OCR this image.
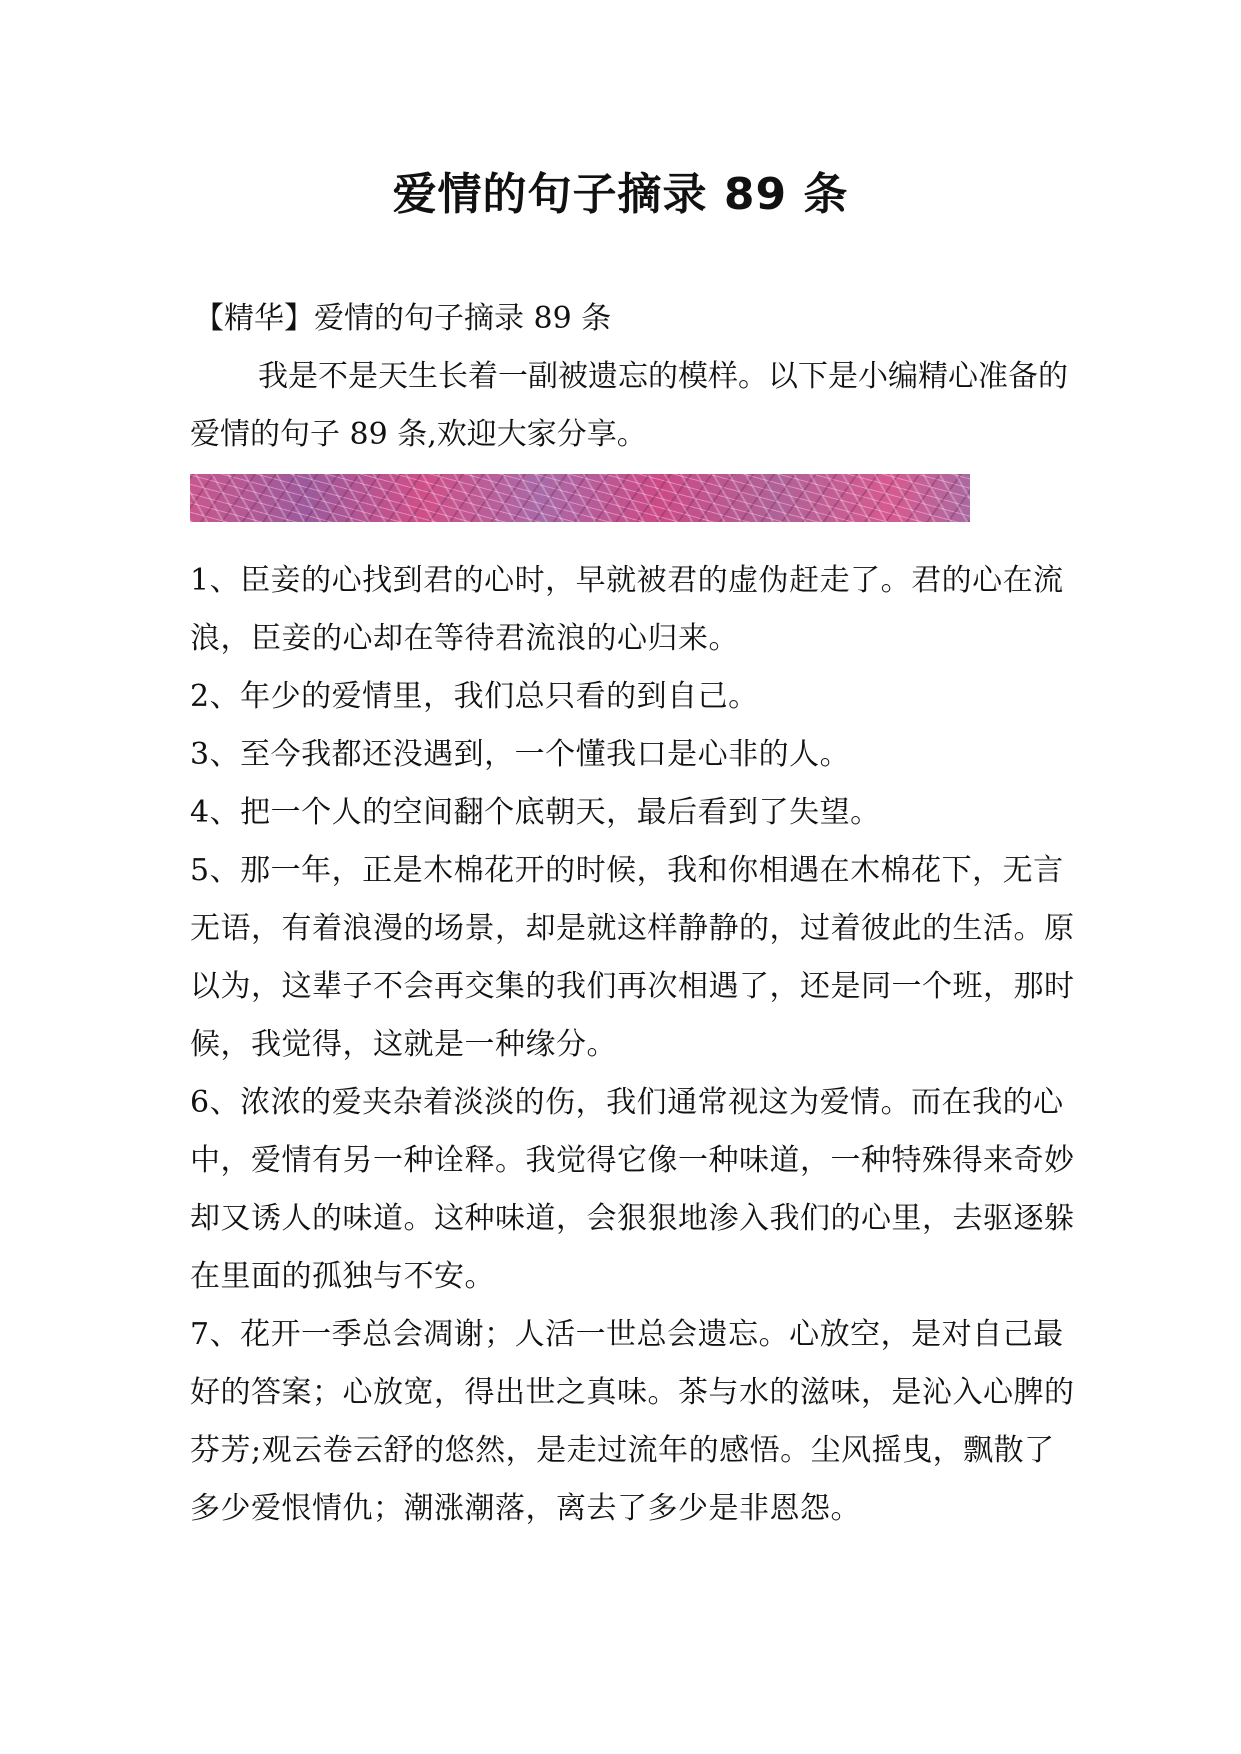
爱情的句子摘录 89 条

【精华】爱情的句子摘录 89 条

我是不是天生长着一副被遗忘的模样。以下是小编精心准备的爱情的句子 89 条,欢迎大家分享。

1、臣妾的心找到君的心时，早就被君的虚伪赶走了。君的心在流浪，臣妾的心却在等待君流浪的心归来。

2、年少的爱情里，我们总只看的到自己。

3、至今我都还没遇到，一个懂我口是心非的人。

4、把一个人的空间翻个底朝天，最后看到了失望。

5、那一年，正是木棉花开的时候，我和你相遇在木棉花下，无言无语，有着浪漫的场景，却是就这样静静的，过着彼此的生活。原以为，这辈子不会再交集的我们再次相遇了，还是同一个班，那时候，我觉得，这就是一种缘分。

6、浓浓的爱夹杂着淡淡的伤，我们通常视这为爱情。而在我的心中，爱情有另一种诠释。我觉得它像一种味道，一种特殊得来奇妙却又诱人的味道。这种味道，会狠狠地渗入我们的心里，去驱逐躲在里面的孤独与不安。

7、花开一季总会凋谢；人活一世总会遗忘。心放空，是对自己最好的答案；心放宽，得出世之真味。茶与水的滋味，是沁入心脾的芬芳;观云卷云舒的悠然，是走过流年的感悟。尘风摇曳，飘散了多少爱恨情仇；潮涨潮落，离去了多少是非恩怨。
